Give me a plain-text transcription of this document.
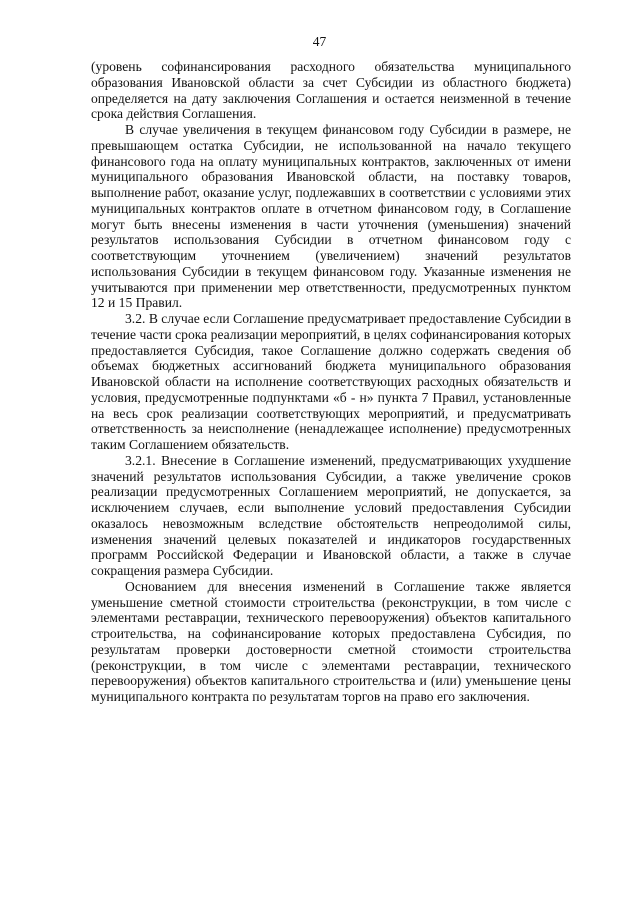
47

(уровень софинансирования расходного обязательства муниципального образования Ивановской области за счет Субсидии из областного бюджета) определяется на дату заключения Соглашения и остается неизменной в течение срока действия Соглашения.

В случае увеличения в текущем финансовом году Субсидии в размере, не превышающем остатка Субсидии, не использованной на начало текущего финансового года на оплату муниципальных контрактов, заключенных от имени муниципального образования Ивановской области, на поставку товаров, выполнение работ, оказание услуг, подлежавших в соответствии с условиями этих муниципальных контрактов оплате в отчетном финансовом году, в Соглашение могут быть внесены изменения в части уточнения (уменьшения) значений результатов использования Субсидии в отчетном финансовом году с соответствующим уточнением (увеличением) значений результатов использования Субсидии в текущем финансовом году. Указанные изменения не учитываются при применении мер ответственности, предусмотренных пунктом 12 и 15 Правил.

3.2. В случае если Соглашение предусматривает предоставление Субсидии в течение части срока реализации мероприятий, в целях софинансирования которых предоставляется Субсидия, такое Соглашение должно содержать сведения об объемах бюджетных ассигнований бюджета муниципального образования Ивановской области на исполнение соответствующих расходных обязательств и условия, предусмотренные подпунктами «б - н» пункта 7 Правил, установленные на весь срок реализации соответствующих мероприятий, и предусматривать ответственность за неисполнение (ненадлежащее исполнение) предусмотренных таким Соглашением обязательств.

3.2.1. Внесение в Соглашение изменений, предусматривающих ухудшение значений результатов использования Субсидии, а также увеличение сроков реализации предусмотренных Соглашением мероприятий, не допускается, за исключением случаев, если выполнение условий предоставления Субсидии оказалось невозможным вследствие обстоятельств непреодолимой силы, изменения значений целевых показателей и индикаторов государственных программ Российской Федерации и Ивановской области, а также в случае сокращения размера Субсидии.

Основанием для внесения изменений в Соглашение также является уменьшение сметной стоимости строительства (реконструкции, в том числе с элементами реставрации, технического перевооружения) объектов капитального строительства, на софинансирование которых предоставлена Субсидия, по результатам проверки достоверности сметной стоимости строительства (реконструкции, в том числе с элементами реставрации, технического перевооружения) объектов капитального строительства и (или) уменьшение цены муниципального контракта по результатам торгов на право его заключения.
